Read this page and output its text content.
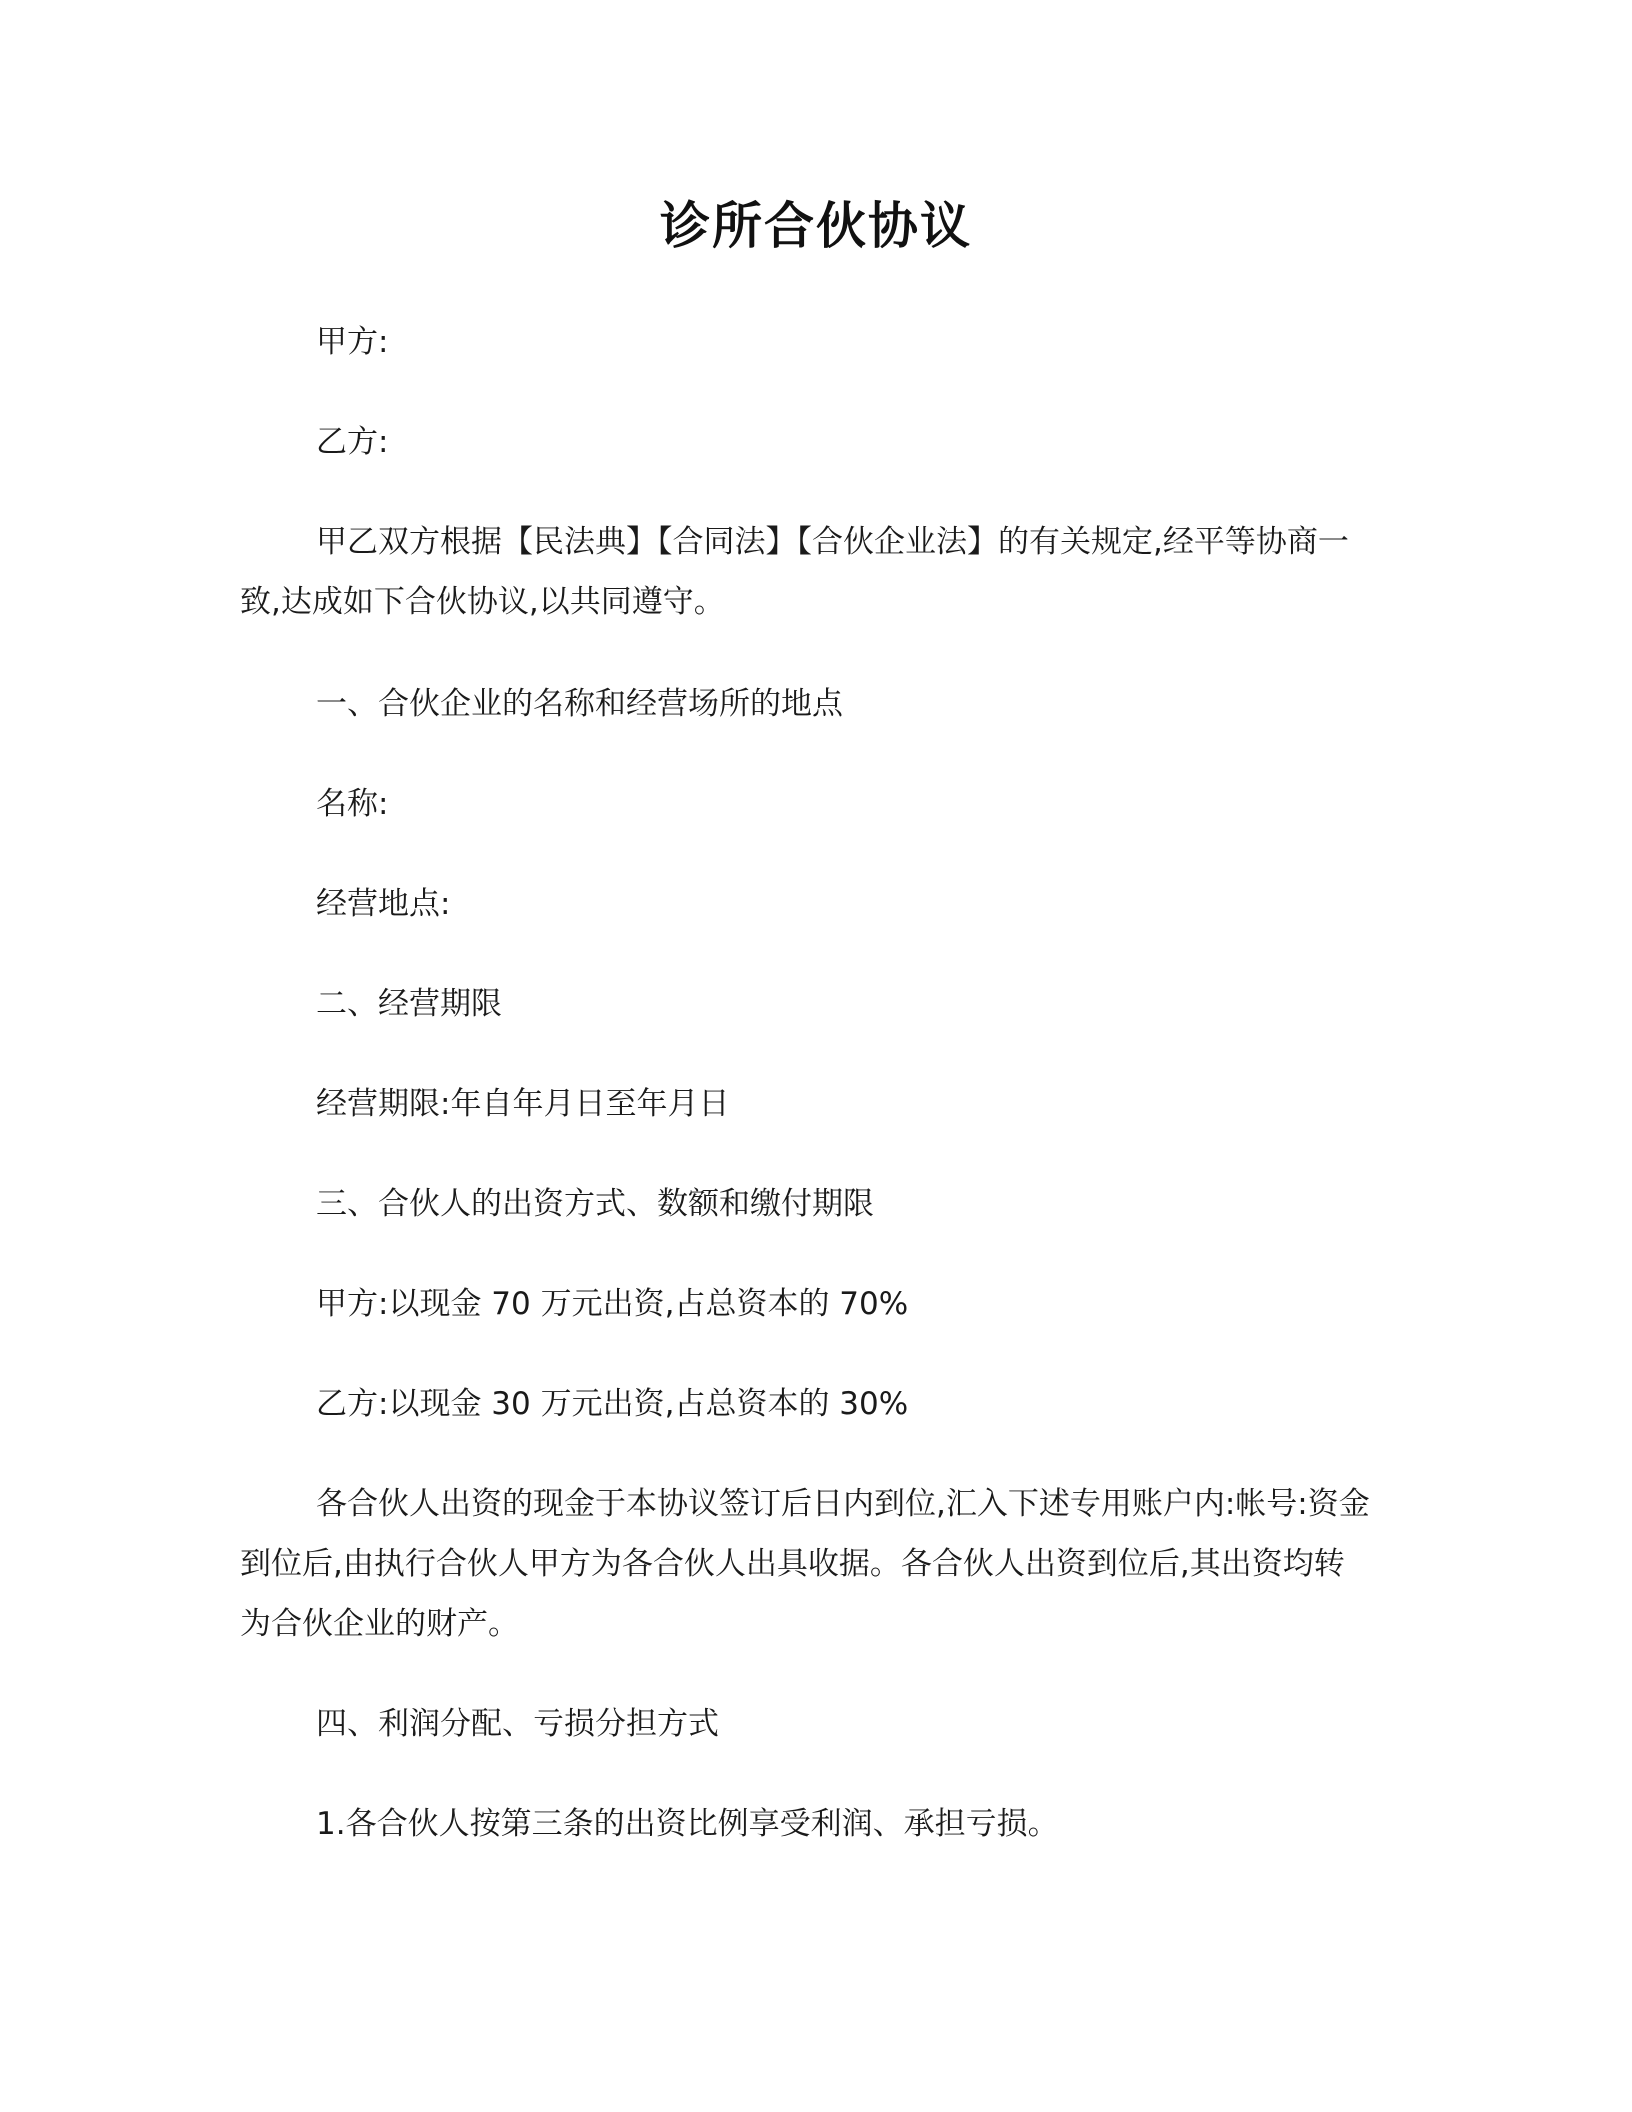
诊所合伙协议
甲方:
乙方:
甲乙双方根据【民法典】【合同法】【合伙企业法】的有关规定,经平等协商一致,达成如下合伙协议,以共同遵守。
一、合伙企业的名称和经营场所的地点
名称:
经营地点:
二、经营期限
经营期限:年自年月日至年月日
三、合伙人的出资方式、数额和缴付期限
甲方:以现金 70 万元出资,占总资本的 70%
乙方:以现金 30 万元出资,占总资本的 30%
各合伙人出资的现金于本协议签订后日内到位,汇入下述专用账户内:帐号:资金到位后,由执行合伙人甲方为各合伙人出具收据。各合伙人出资到位后,其出资均转为合伙企业的财产。
四、利润分配、亏损分担方式
1.各合伙人按第三条的出资比例享受利润、承担亏损。
